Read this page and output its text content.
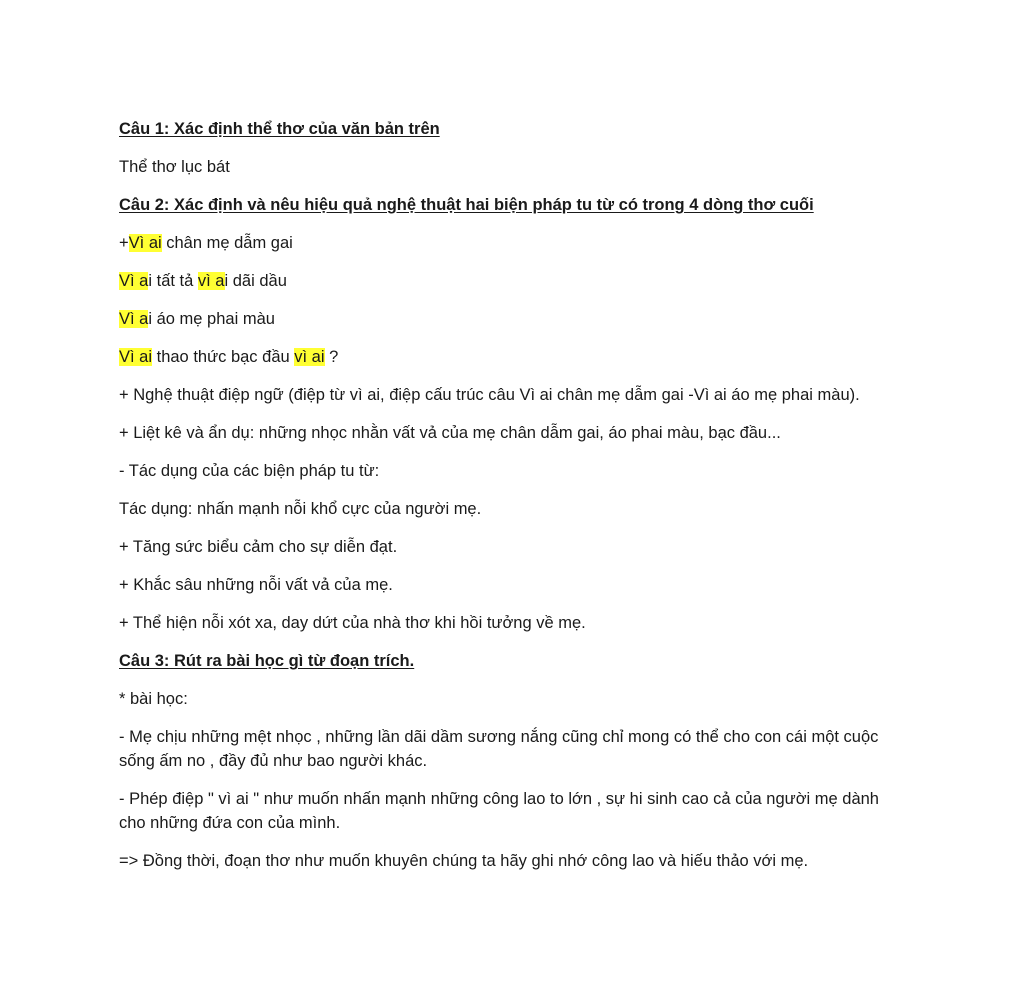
Câu 1: Xác định thể thơ của văn bản trên

Thể thơ lục bát

Câu 2: Xác định và nêu hiệu quả nghệ thuật hai biện pháp tu từ có trong 4 dòng thơ cuối

+Vì ai chân mẹ dẫm gai

Vì ai tất tả vì ai dãi dầu

Vì ai áo mẹ phai màu

Vì ai thao thức bạc đầu vì ai ?

+ Nghệ thuật điệp ngữ (điệp từ vì ai, điệp cấu trúc câu Vì ai chân mẹ dẫm gai -Vì ai áo mẹ phai màu).

+ Liệt kê và ẩn dụ: những nhọc nhằn vất vả của mẹ chân dẫm gai, áo phai màu, bạc đầu...

- Tác dụng của các biện pháp tu từ:

Tác dụng: nhấn mạnh nỗi khổ cực của người mẹ.

+ Tăng sức biểu cảm cho sự diễn đạt.

+ Khắc sâu những nỗi vất vả của mẹ.

+ Thể hiện nỗi xót xa, day dứt của nhà thơ khi hồi tưởng về mẹ.

Câu 3: Rút ra bài học gì từ đoạn trích.

* bài học:

- Mẹ chịu những mệt nhọc , những lần dãi dầm sương nắng cũng chỉ mong có thể cho con cái một cuộc sống ấm no , đầy đủ như bao người khác.

- Phép điệp " vì ai " như muốn nhấn mạnh những công lao to lớn , sự hi sinh cao cả của người mẹ dành cho những đứa con của mình.

=> Đồng thời, đoạn thơ như muốn khuyên chúng ta hãy ghi nhớ công lao và hiếu thảo với mẹ.
